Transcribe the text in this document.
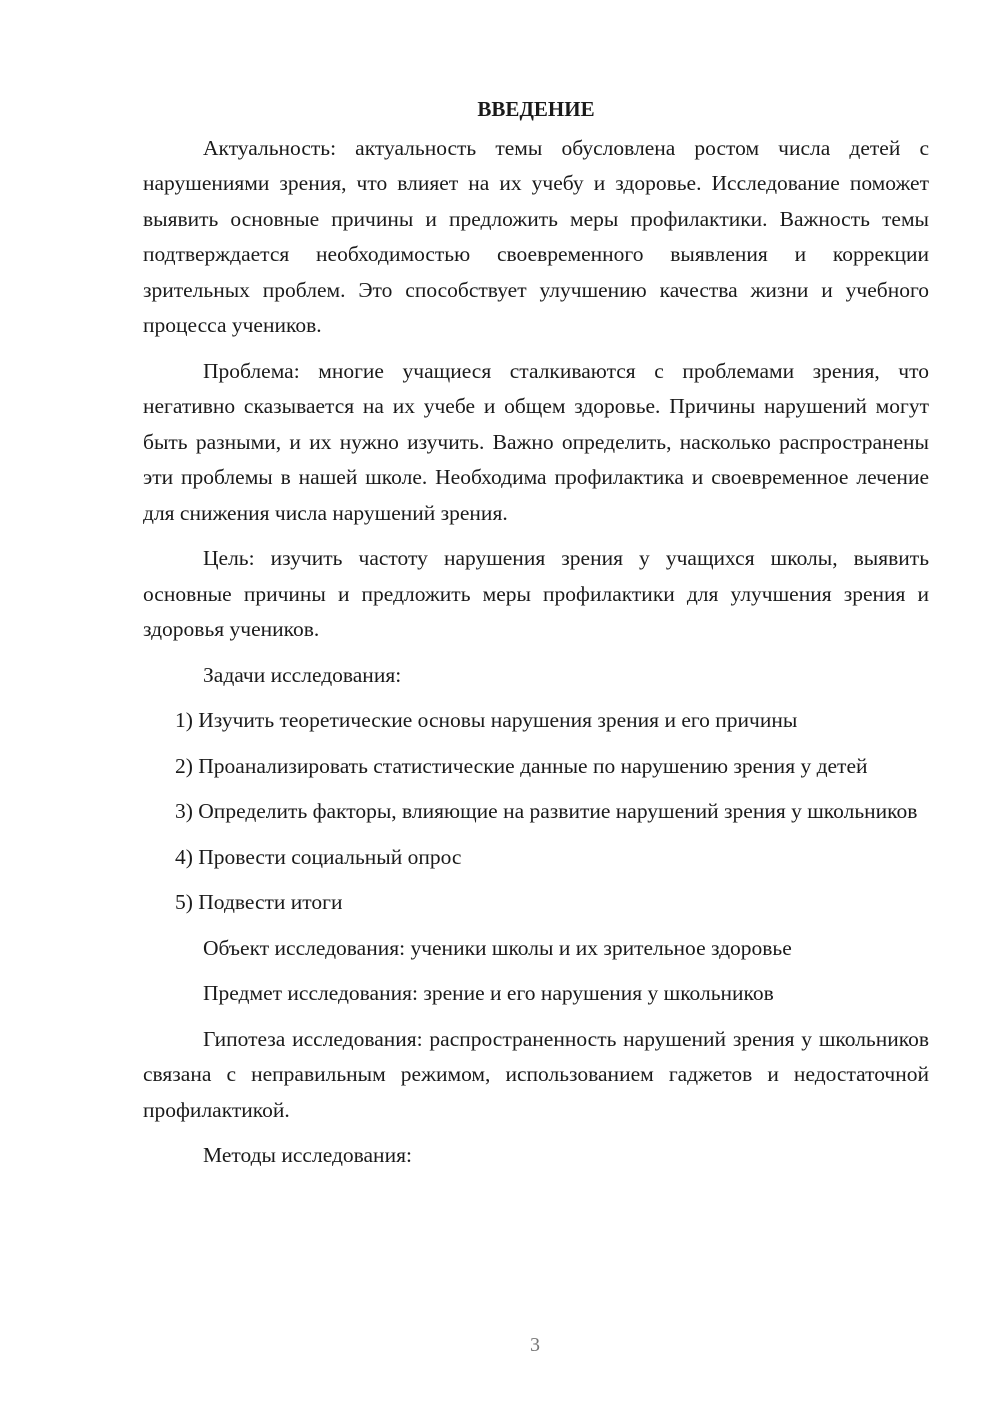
ВВЕДЕНИЕ

Актуальность: актуальность темы обусловлена ростом числа детей с нарушениями зрения, что влияет на их учебу и здоровье. Исследование поможет выявить основные причины и предложить меры профилактики. Важность темы подтверждается необходимостью своевременного выявления и коррекции зрительных проблем. Это способствует улучшению качества жизни и учебного процесса учеников.

Проблема: многие учащиеся сталкиваются с проблемами зрения, что негативно сказывается на их учебе и общем здоровье. Причины нарушений могут быть разными, и их нужно изучить. Важно определить, насколько распространены эти проблемы в нашей школе. Необходима профилактика и своевременное лечение для снижения числа нарушений зрения.

Цель: изучить частоту нарушения зрения у учащихся школы, выявить основные причины и предложить меры профилактики для улучшения зрения и здоровья учеников.

Задачи исследования:

1) Изучить теоретические основы нарушения зрения и его причины

2) Проанализировать статистические данные по нарушению зрения у детей

3) Определить факторы, влияющие на развитие нарушений зрения у школьников

4) Провести социальный опрос

5) Подвести итоги

Объект исследования: ученики школы и их зрительное здоровье

Предмет исследования: зрение и его нарушения у школьников

Гипотеза исследования: распространенность нарушений зрения у школьников связана с неправильным режимом, использованием гаджетов и недостаточной профилактикой.

Методы исследования:

3
